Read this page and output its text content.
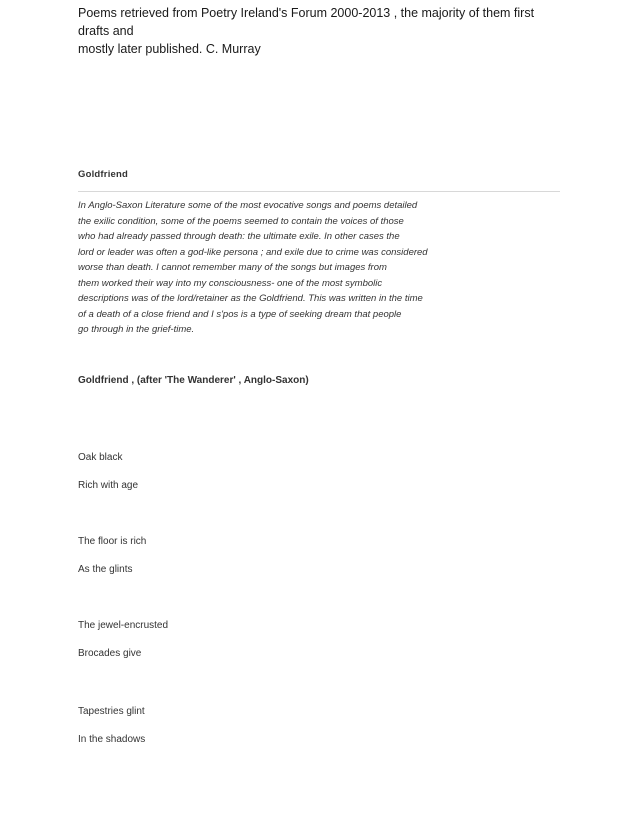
Poems retrieved from Poetry Ireland's Forum 2000-2013 , the majority of them first drafts and
mostly later published. C. Murray
Goldfriend
In Anglo-Saxon Literature some of the most evocative songs and poems detailed
the exilic condition, some of the poems seemed to contain the voices of those
who had already passed through death: the ultimate exile. In other cases the
lord or leader was often a god-like persona ; and exile due to crime was considered
worse than death. I cannot remember many of the songs but images from
them worked their way into my consciousness- one of the most symbolic
descriptions was of the lord/retainer as the Goldfriend. This was written in the time
of a death of a close friend and I s'pos is a type of seeking dream that people
go through in the grief-time.
Goldfriend , (after 'The Wanderer' , Anglo-Saxon)
Oak black
Rich with age
The floor is rich
As the glints
The jewel-encrusted
Brocades give
Tapestries glint
In the shadows
